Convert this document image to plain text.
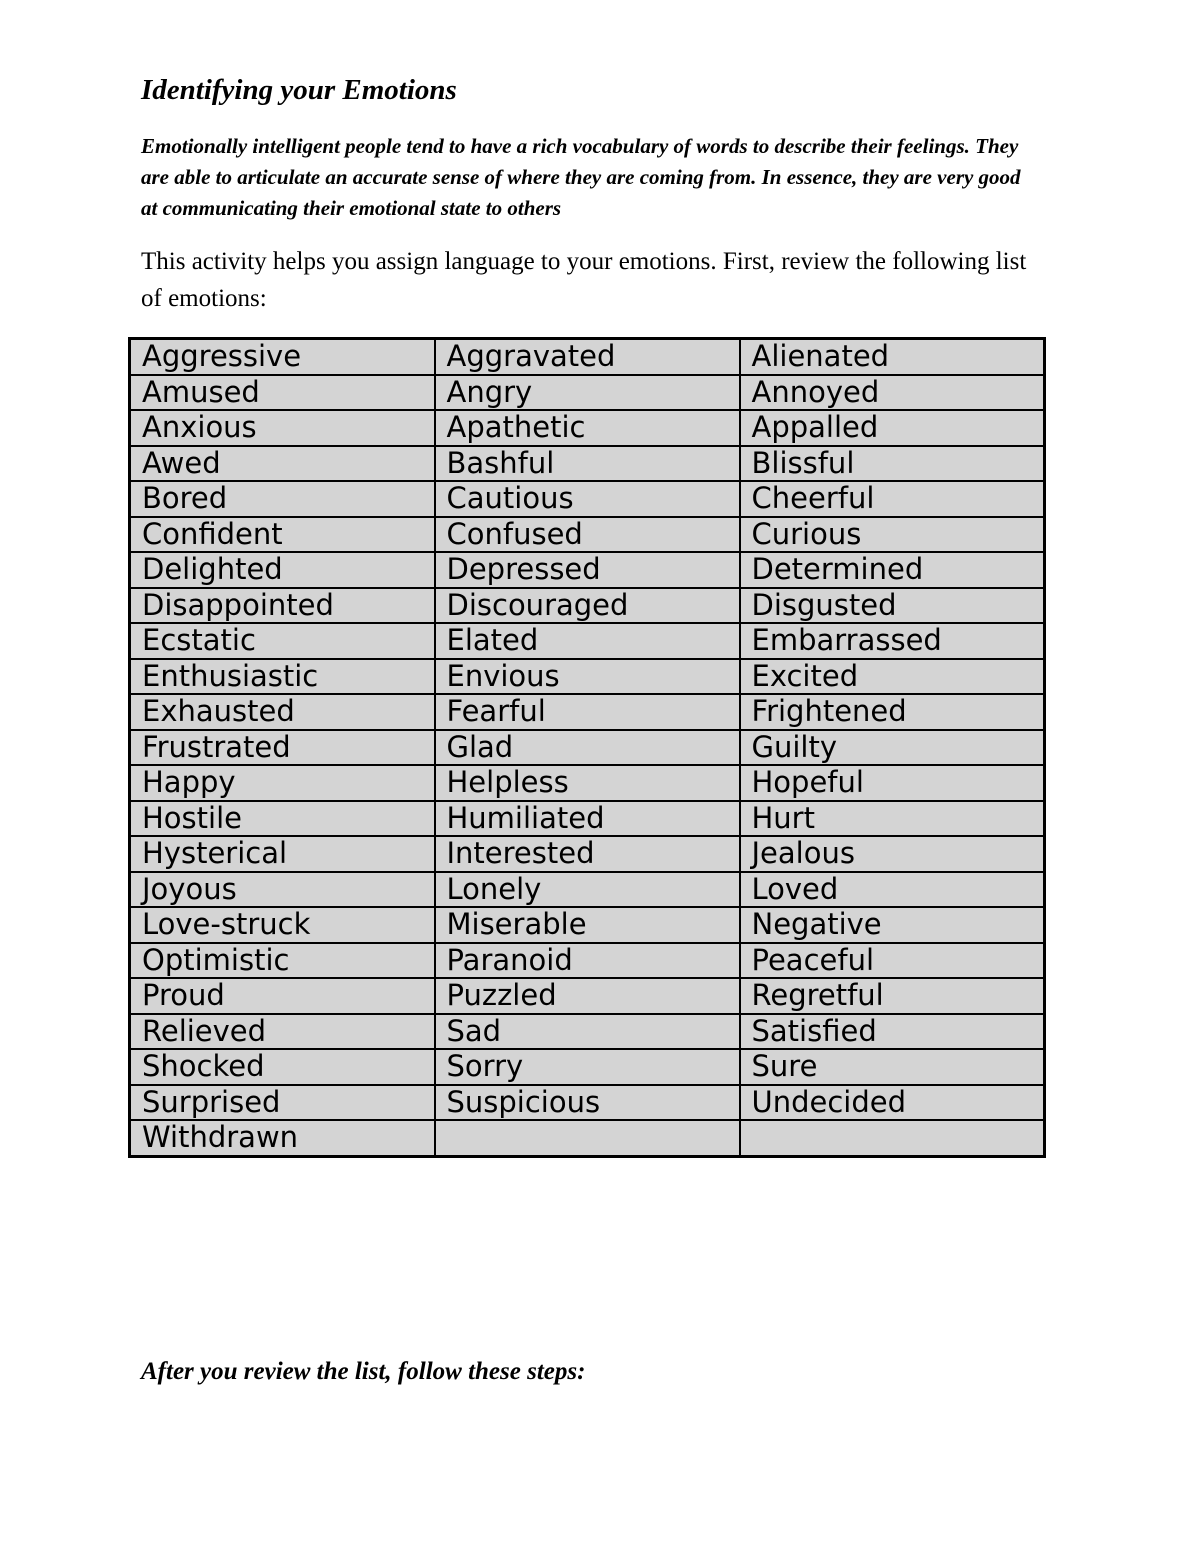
Identifying your Emotions

Emotionally intelligent people tend to have a rich vocabulary of words to describe their feelings. They are able to articulate an accurate sense of where they are coming from. In essence, they are very good at communicating their emotional state to others

This activity helps you assign language to your emotions. First, review the following list of emotions:

Aggressive	Aggravated	Alienated
Amused	Angry	Annoyed
Anxious	Apathetic	Appalled
Awed	Bashful	Blissful
Bored	Cautious	Cheerful
Confident	Confused	Curious
Delighted	Depressed	Determined
Disappointed	Discouraged	Disgusted
Ecstatic	Elated	Embarrassed
Enthusiastic	Envious	Excited
Exhausted	Fearful	Frightened
Frustrated	Glad	Guilty
Happy	Helpless	Hopeful
Hostile	Humiliated	Hurt
Hysterical	Interested	Jealous
Joyous	Lonely	Loved
Love-struck	Miserable	Negative
Optimistic	Paranoid	Peaceful
Proud	Puzzled	Regretful
Relieved	Sad	Satisfied
Shocked	Sorry	Sure
Surprised	Suspicious	Undecided
Withdrawn		

After you review the list, follow these steps:
